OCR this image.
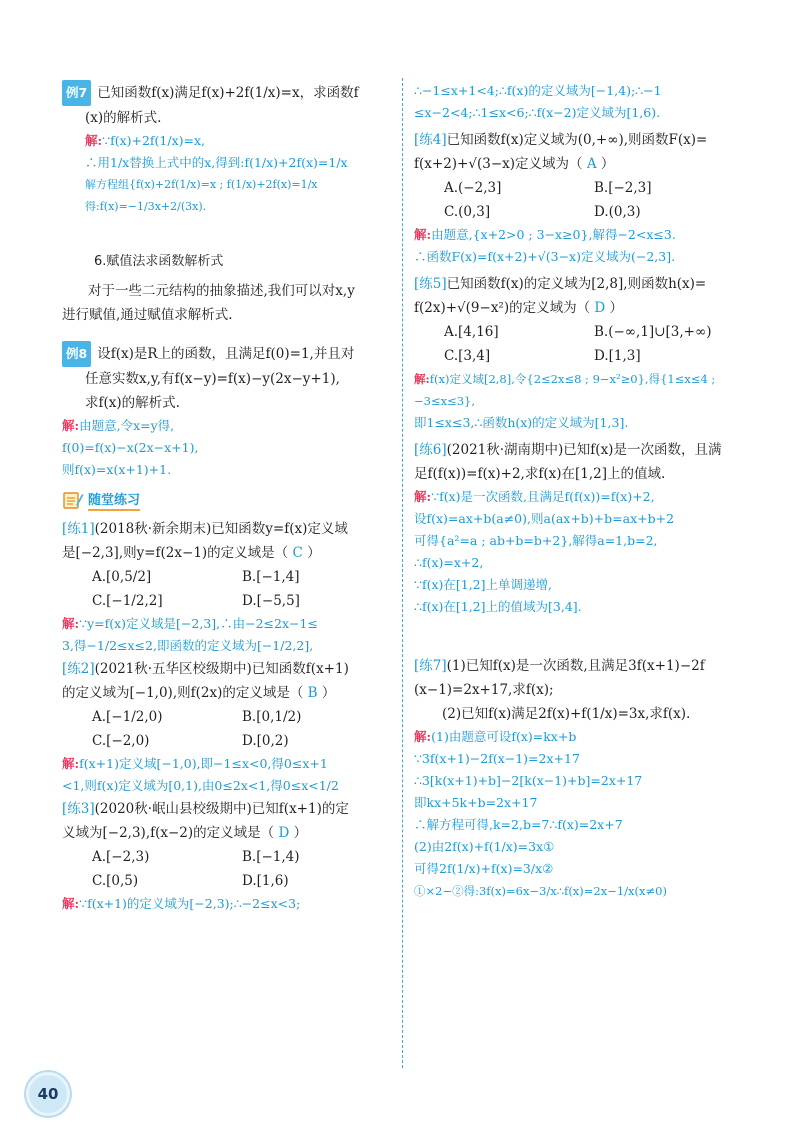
例7 已知函数f(x)满足f(x)+2f(1/x)=x，求函数f

(x)的解析式.

解:∵f(x)+2f(1/x)=x,

∴用1/x替换上式中的x,得到:f(1/x)+2f(x)=1/x

解方程组{f(x)+2f(1/x)=x ; f(1/x)+2f(x)=1/x 得:f(x)=−1/3x+2/(3x).

6.赋值法求函数解析式

对于一些二元结构的抽象描述,我们可以对x,y

进行赋值,通过赋值求解析式.

例8 设f(x)是R上的函数，且满足f(0)=1,并且对

任意实数x,y,有f(x−y)=f(x)−y(2x−y+1),

求f(x)的解析式.

解:由题意,令x=y得,

f(0)=f(x)−x(2x−x+1),

则f(x)=x(x+1)+1.

随堂练习

[练1](2018秋·新余期末)已知函数y=f(x)定义域

是[−2,3],则y=f(2x−1)的定义域是（ C ）

A.[0,5/2]	B.[−1,4]
C.[−1/2,2]	D.[−5,5]

解:∵y=f(x)定义域是[−2,3],∴由−2≤2x−1≤

3,得−1/2≤x≤2,即函数的定义域为[−1/2,2],

[练2](2021秋·五华区校级期中)已知函数f(x+1)

的定义域为[−1,0),则f(2x)的定义域是（ B ）

A.[−1/2,0)	B.[0,1/2)
C.[−2,0)	D.[0,2)

解:f(x+1)定义域[−1,0),即−1≤x<0,得0≤x+1

<1,则f(x)定义域为[0,1),由0≤2x<1,得0≤x<1/2

[练3](2020秋·岷山县校级期中)已知f(x+1)的定

义域为[−2,3),f(x−2)的定义域是（ D ）

A.[−2,3)	B.[−1,4)
C.[0,5)	D.[1,6)

解:∵f(x+1)的定义域为[−2,3);∴−2≤x<3;

∴−1≤x+1<4;∴f(x)的定义域为[−1,4);∴−1

≤x−2<4;∴1≤x<6;∴f(x−2)定义域为[1,6).

[练4]已知函数f(x)定义域为(0,+∞),则函数F(x)=

f(x+2)+√(3−x)定义域为（ A ）

A.(−2,3]	B.[−2,3]
C.(0,3]	D.(0,3)

解:由题意,{x+2>0 ; 3−x≥0},解得−2<x≤3.

∴函数F(x)=f(x+2)+√(3−x)定义域为(−2,3].

[练5]已知函数f(x)的定义域为[2,8],则函数h(x)=

f(2x)+√(9−x²)的定义域为（ D ）

A.[4,16]	B.(−∞,1]∪[3,+∞)
C.[3,4]	D.[1,3]

解:f(x)定义域[2,8],令{2≤2x≤8 ; 9−x²≥0},得{1≤x≤4 ; −3≤x≤3},

即1≤x≤3,∴函数h(x)的定义域为[1,3].

[练6](2021秋·湖南期中)已知f(x)是一次函数，且满

足f(f(x))=f(x)+2,求f(x)在[1,2]上的值域.

解:∵f(x)是一次函数,且满足f(f(x))=f(x)+2,

设f(x)=ax+b(a≠0),则a(ax+b)+b=ax+b+2

可得{a²=a ; ab+b=b+2},解得a=1,b=2,

∴f(x)=x+2,

∵f(x)在[1,2]上单调递增,

∴f(x)在[1,2]上的值域为[3,4].

[练7](1)已知f(x)是一次函数,且满足3f(x+1)−2f

(x−1)=2x+17,求f(x);

(2)已知f(x)满足2f(x)+f(1/x)=3x,求f(x).

解:(1)由题意可设f(x)=kx+b

∵3f(x+1)−2f(x−1)=2x+17

∴3[k(x+1)+b]−2[k(x−1)+b]=2x+17

即kx+5k+b=2x+17

∴解方程可得,k=2,b=7∴f(x)=2x+7

(2)由2f(x)+f(1/x)=3x①

可得2f(1/x)+f(x)=3/x②

①×2−②得:3f(x)=6x−3/x∴f(x)=2x−1/x(x≠0)

40
